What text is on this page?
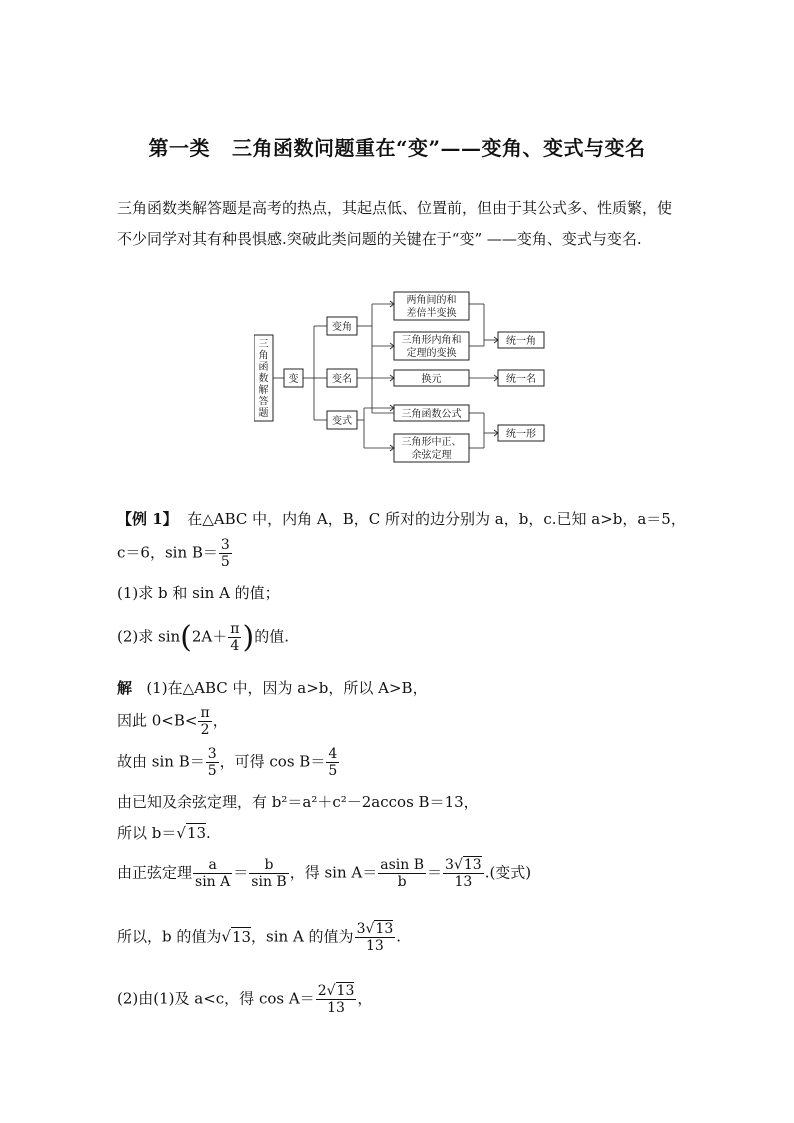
第一类 三角函数问题重在“变”——变角、变式与变名
三角函数类解答题是高考的热点，其起点低、位置前，但由于其公式多、性质繁，使不少同学对其有种畏惧感.突破此类问题的关键在于“变” ——变角、变式与变名.
三角函数解答题
变
变角
变名
变式
两角间的和
差倍半变换
三角形内角和
定理的变换
换元
三角函数公式
三角形中正、
余弦定理
统一角
统一名
统一形
【例 1】 在△ABC 中，内角 A，B，C 所对的边分别为 a，b，c.已知 a>b，a＝5，
c＝6，$\sin B= \frac{3}{5}$
(1)求 b 和 sin A 的值；
(2)求 $\sin(2A+ \frac{\pi}{4}$ )的值.
解 (1)在△ABC 中，因为 a>b，所以 A>B，
因此 $0<B< \frac{\pi}{2}$ ，
故由 $\sin B= \frac{3}{5}$ ，可得 $\cos B= \frac{4}{5}$
由已知及余弦定理，有 b²＝a²＋c²－2accos B＝13，
所以 b＝√13.
由正弦定理 $\frac{a}{\text{sin A}} = \frac{b}{\text{sin B}}$ ，得 $\sin A= \frac{\text{asin B}}{b} = \frac{3√13}{13}$ .(变式)
所以，b 的值为√13，sin A 的值为 $\frac{3√13}{13}$ .
(2)由(1)及 a<c，得 $\cos A= \frac{2√13}{13}$ ，
